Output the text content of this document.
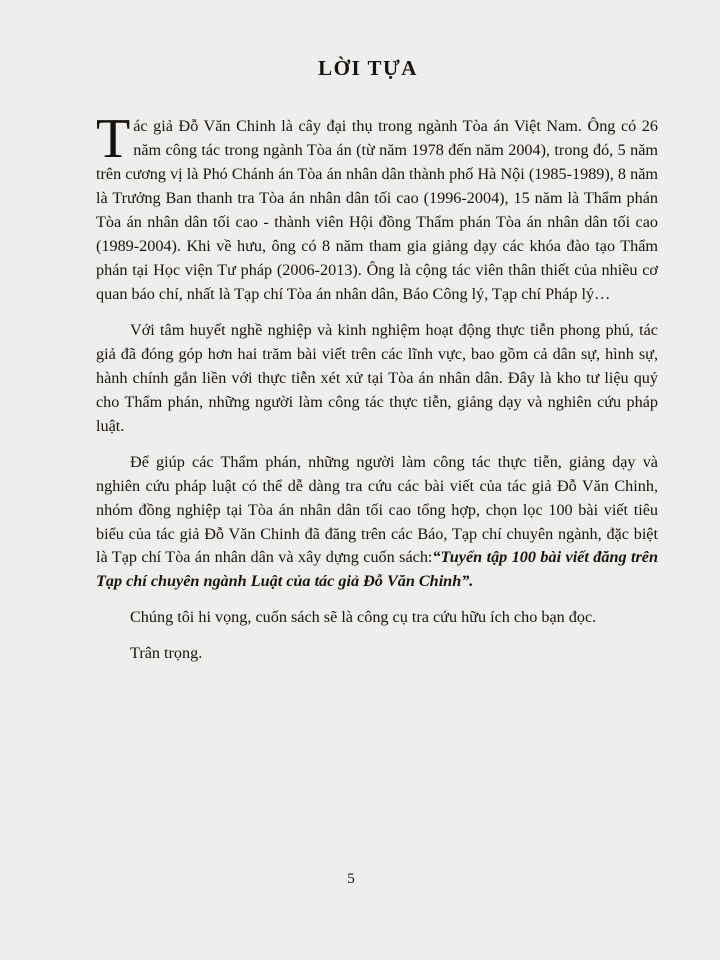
LỜI TỰA

Tác giả Đỗ Văn Chinh là cây đại thụ trong ngành Tòa án Việt Nam. Ông có 26 năm công tác trong ngành Tòa án (từ năm 1978 đến năm 2004), trong đó, 5 năm trên cương vị là Phó Chánh án Tòa án nhân dân thành phố Hà Nội (1985-1989), 8 năm là Trưởng Ban thanh tra Tòa án nhân dân tối cao (1996-2004), 15 năm là Thẩm phán Tòa án nhân dân tối cao - thành viên Hội đồng Thẩm phán Tòa án nhân dân tối cao (1989-2004). Khi về hưu, ông có 8 năm tham gia giảng dạy các khóa đào tạo Thẩm phán tại Học viện Tư pháp (2006-2013). Ông là cộng tác viên thân thiết của nhiều cơ quan báo chí, nhất là Tạp chí Tòa án nhân dân, Báo Công lý, Tạp chí Pháp lý…

Với tâm huyết nghề nghiệp và kinh nghiệm hoạt động thực tiễn phong phú, tác giả đã đóng góp hơn hai trăm bài viết trên các lĩnh vực, bao gồm cả dân sự, hình sự, hành chính gắn liền với thực tiễn xét xử tại Tòa án nhân dân. Đây là kho tư liệu quý cho Thẩm phán, những người làm công tác thực tiễn, giảng dạy và nghiên cứu pháp luật.

Để giúp các Thẩm phán, những người làm công tác thực tiễn, giảng dạy và nghiên cứu pháp luật có thể dễ dàng tra cứu các bài viết của tác giả Đỗ Văn Chinh, nhóm đồng nghiệp tại Tòa án nhân dân tối cao tổng hợp, chọn lọc 100 bài viết tiêu biểu của tác giả Đỗ Văn Chinh đã đăng trên các Báo, Tạp chí chuyên ngành, đặc biệt là Tạp chí Tòa án nhân dân và xây dựng cuốn sách:“Tuyển tập 100 bài viết đăng trên Tạp chí chuyên ngành Luật của tác giả Đỗ Văn Chinh”.

Chúng tôi hi vọng, cuốn sách sẽ là công cụ tra cứu hữu ích cho bạn đọc.

Trân trọng.

5
